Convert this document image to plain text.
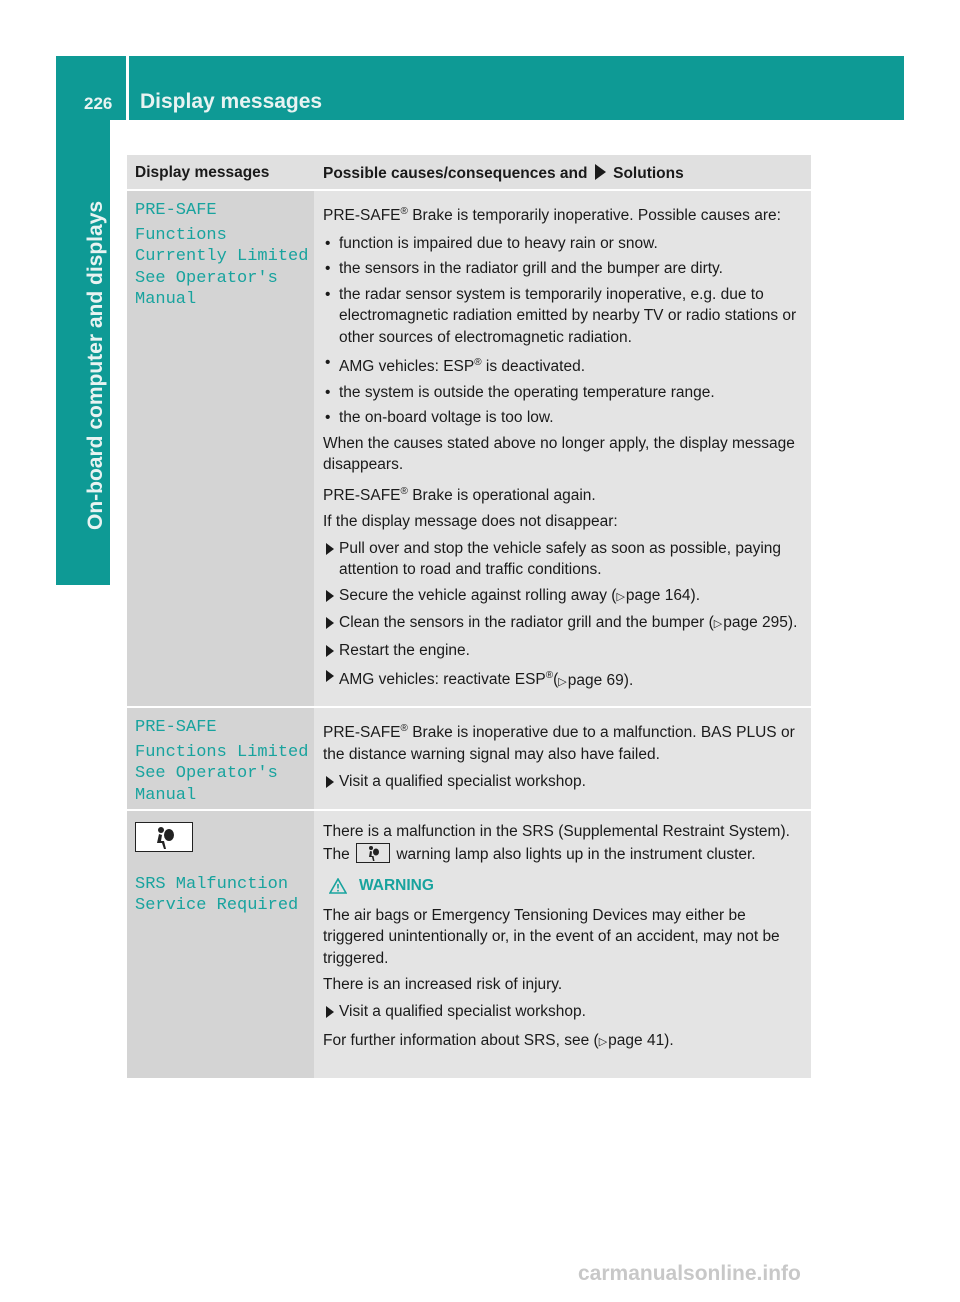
226 Display messages
On-board computer and displays
Display messages	Possible causes/consequences and Solutions
PRE-SAFE
Functions
Currently Limited
See Operator's
Manual

PRE-SAFE® Brake is temporarily inoperative. Possible causes are:

• function is impaired due to heavy rain or snow.
• the sensors in the radiator grill and the bumper are dirty.
• the radar sensor system is temporarily inoperative, e.g. due to electromagnetic radiation emitted by nearby TV or radio stations or other sources of electromagnetic radiation.
• AMG vehicles: ESP® is deactivated.
• the system is outside the operating temperature range.
• the on-board voltage is too low.

When the causes stated above no longer apply, the display message disappears.

PRE-SAFE® Brake is operational again.

If the display message does not disappear:

Pull over and stop the vehicle safely as soon as possible, paying attention to road and traffic conditions.
Secure the vehicle against rolling away ( ▷ page 164).
Clean the sensors in the radiator grill and the bumper ( ▷ page 295).
Restart the engine.
AMG vehicles: reactivate ESP®( ▷ page 69).
PRE-SAFE
Functions Limited
See Operator's
Manual

PRE-SAFE® Brake is inoperative due to a malfunction. BAS PLUS or the distance warning signal may also have failed.

Visit a qualified specialist workshop.
SRS Malfunction
Service Required

There is a malfunction in the SRS (Supplemental Restraint System). The	warning lamp also lights up in the instrument cluster.

WARNING

The air bags or Emergency Tensioning Devices may either be triggered unintentionally or, in the event of an accident, may not be triggered.

There is an increased risk of injury.

Visit a qualified specialist workshop.

For further information about SRS, see ( ▷ page 41).

carmanualsonline.info
